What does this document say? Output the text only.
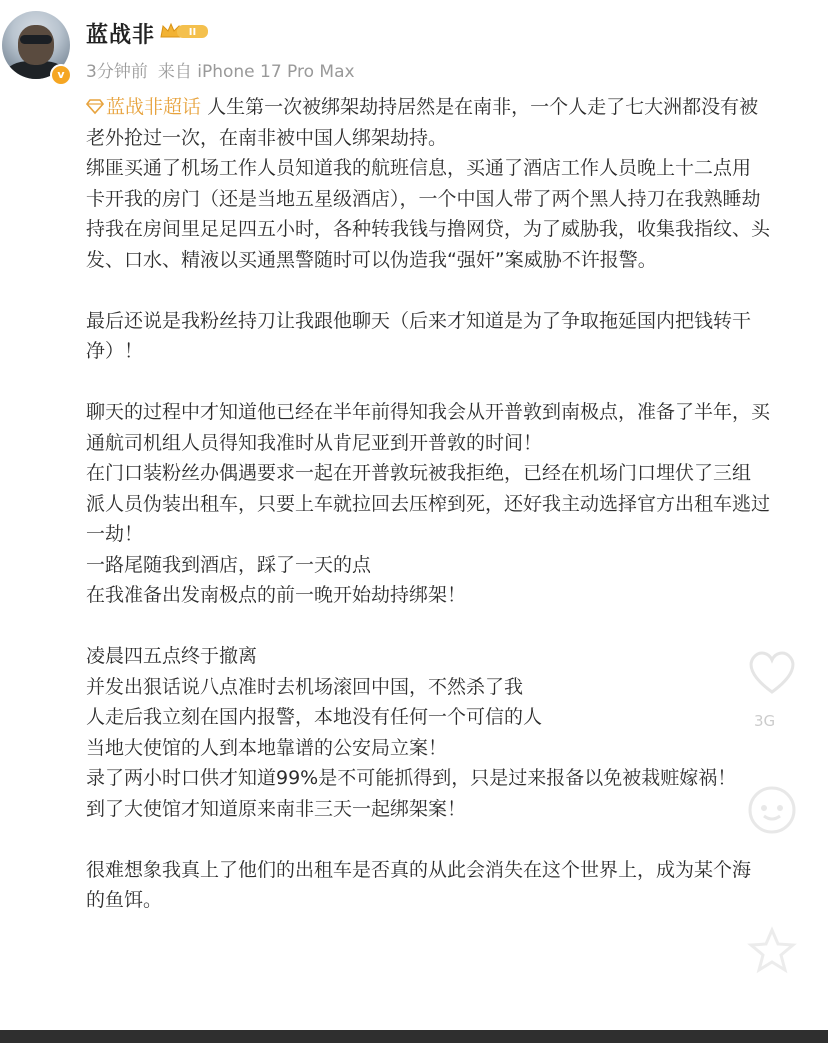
v
蓝战非	II
3分钟前 来自 iPhone 17 Pro Max
蓝战非超话 人生第一次被绑架劫持居然是在南非，一个人走了七大洲都没有被
老外抢过一次，在南非被中国人绑架劫持。
绑匪买通了机场工作人员知道我的航班信息，买通了酒店工作人员晚上十二点用
卡开我的房门（还是当地五星级酒店），一个中国人带了两个黑人持刀在我熟睡劫
持我在房间里足足四五小时，各种转我钱与撸网贷，为了威胁我，收集我指纹、头
发、口水、精液以买通黑警随时可以伪造我“强奸”案威胁不许报警。
最后还说是我粉丝持刀让我跟他聊天（后来才知道是为了争取拖延国内把钱转干
净）！
聊天的过程中才知道他已经在半年前得知我会从开普敦到南极点，准备了半年，买
通航司机组人员得知我准时从肯尼亚到开普敦的时间！
在门口装粉丝办偶遇要求一起在开普敦玩被我拒绝，已经在机场门口埋伏了三组
派人员伪装出租车，只要上车就拉回去压榨到死，还好我主动选择官方出租车逃过
一劫！
一路尾随我到酒店，踩了一天的点
在我准备出发南极点的前一晚开始劫持绑架！
凌晨四五点终于撤离
并发出狠话说八点准时去机场滚回中国，不然杀了我
人走后我立刻在国内报警，本地没有任何一个可信的人
当地大使馆的人到本地靠谱的公安局立案！
录了两小时口供才知道99%是不可能抓得到，只是过来报备以免被栽赃嫁祸！
到了大使馆才知道原来南非三天一起绑架案！
很难想象我真上了他们的出租车是否真的从此会消失在这个世界上，成为某个海
的鱼饵。
3G
